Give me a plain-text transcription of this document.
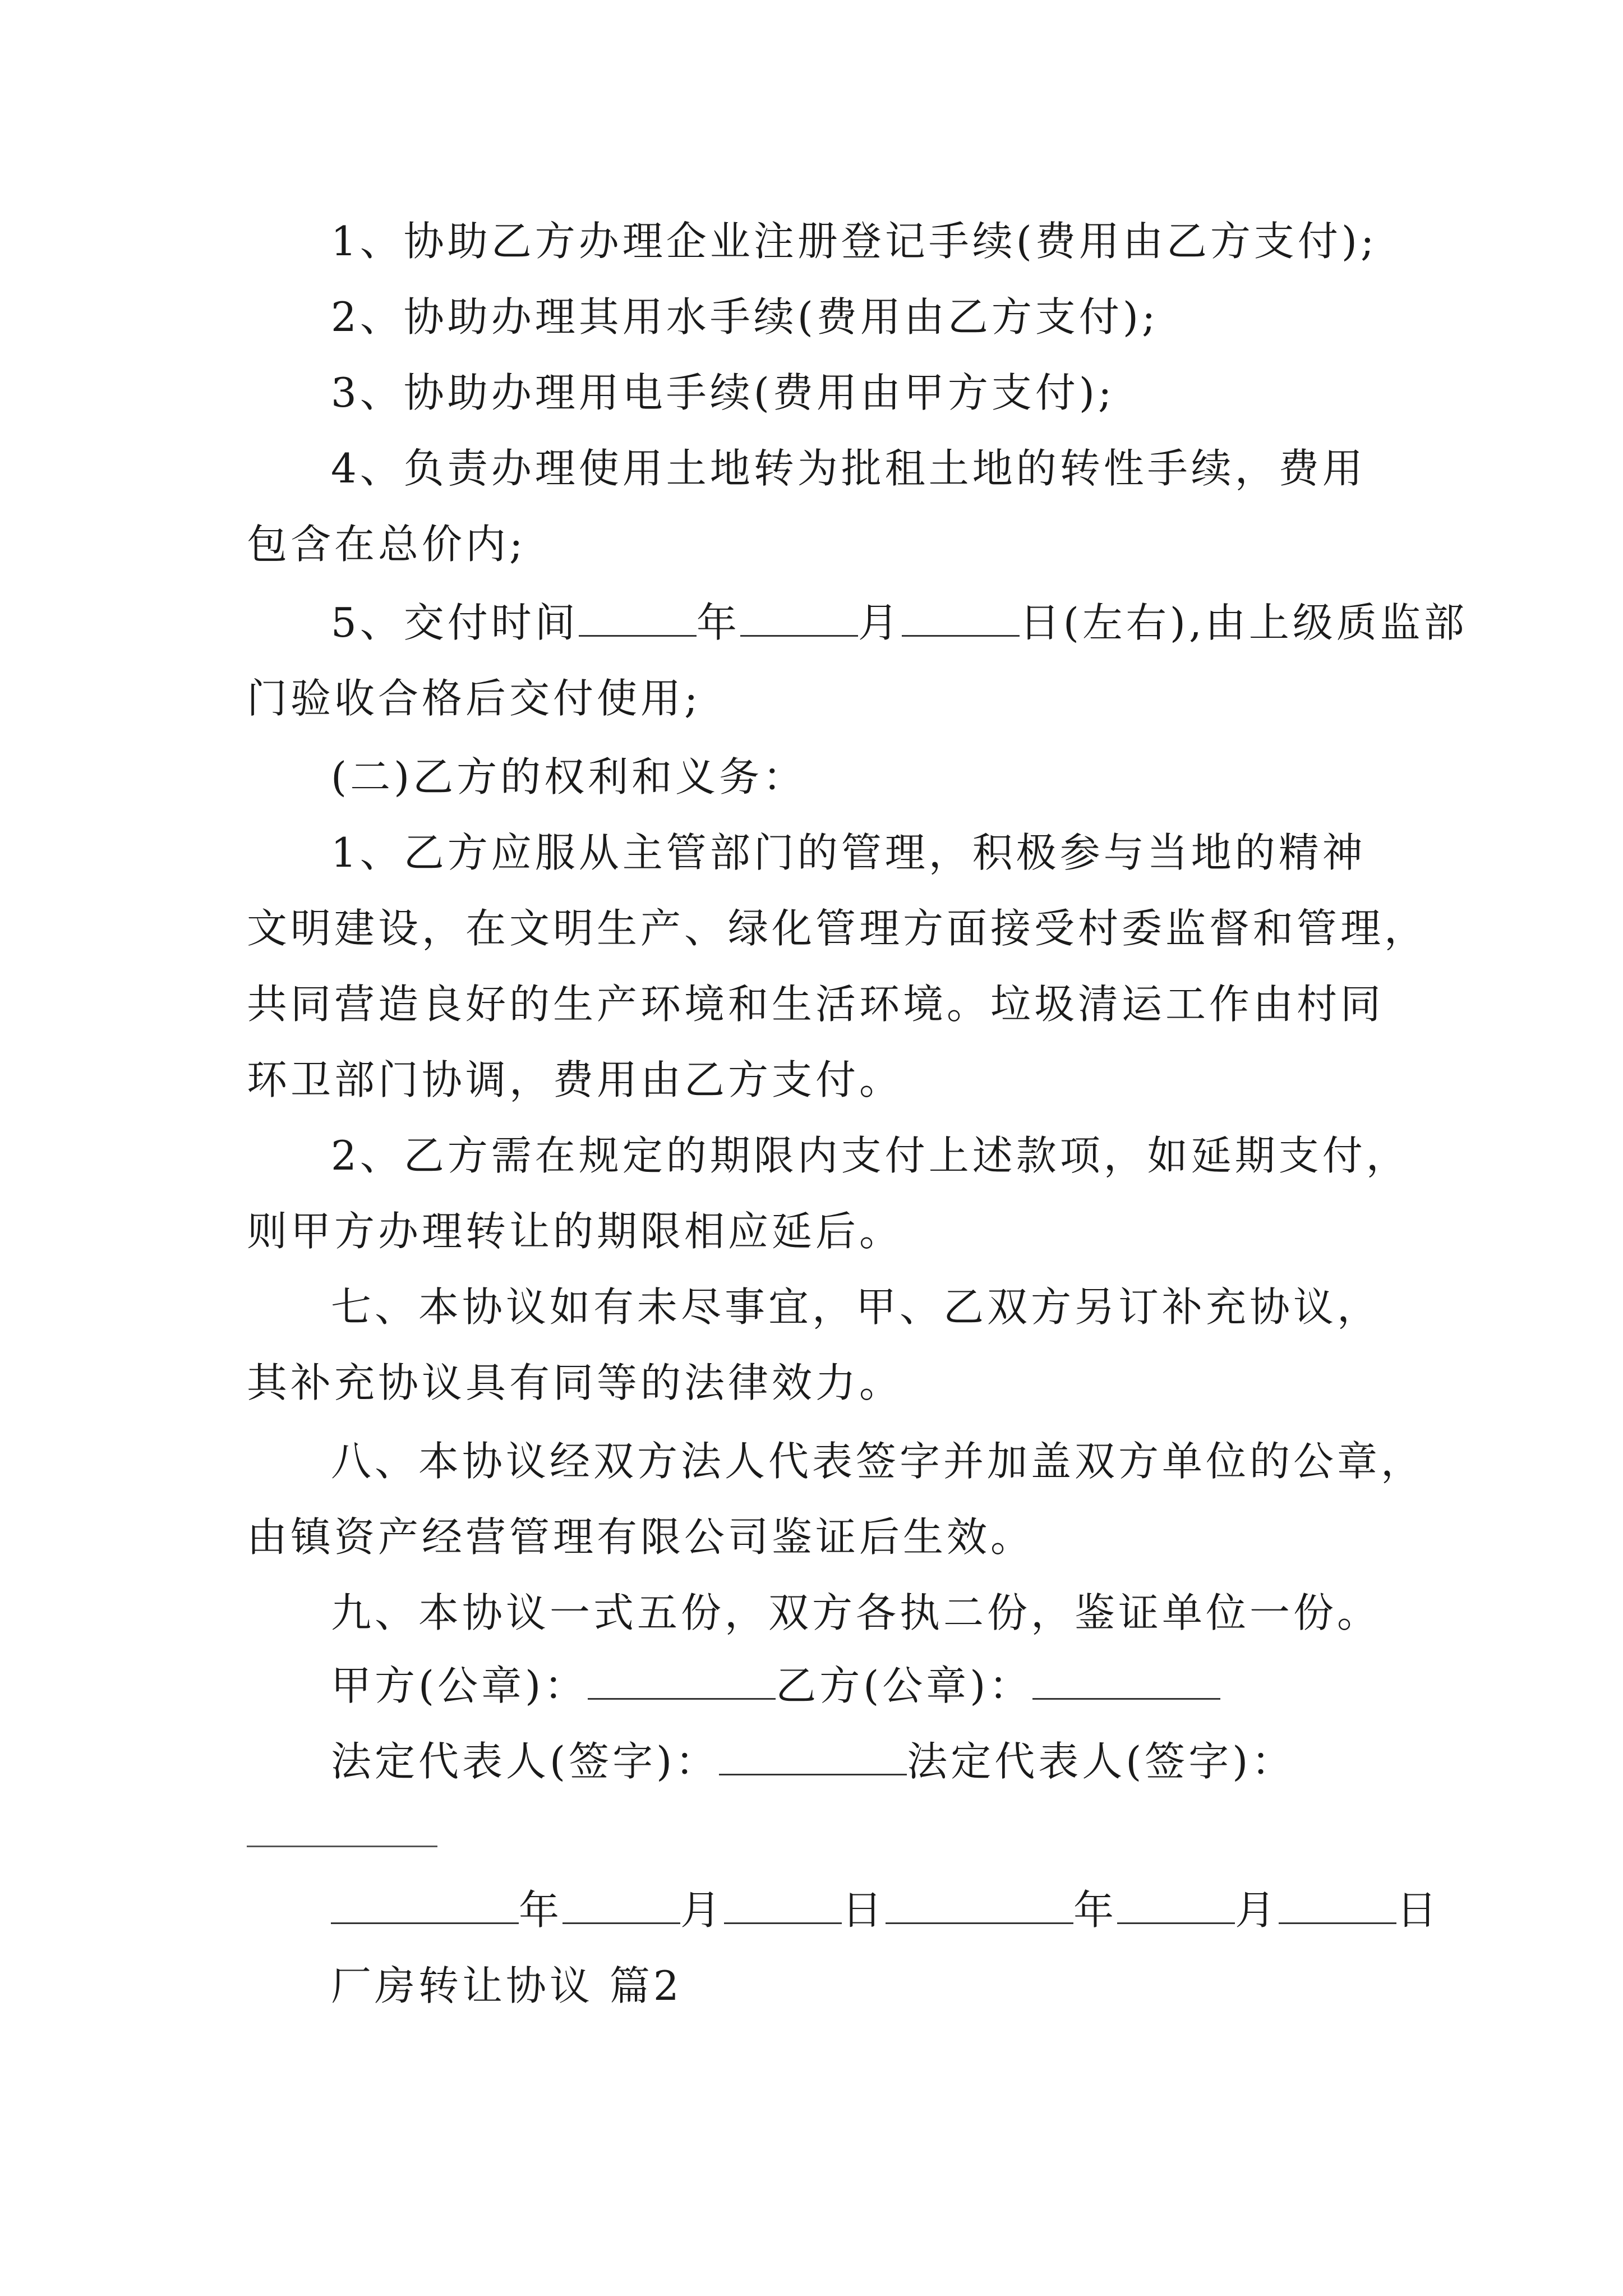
1、协助乙方办理企业注册登记手续(费用由乙方支付);
2、协助办理其用水手续(费用由乙方支付);
3、协助办理用电手续(费用由甲方支付);
4、负责办理使用土地转为批租土地的转性手续，费用
包含在总价内;
5、交付时间	年	月	日(左右),由上级质监部
门验收合格后交付使用;
(二)乙方的权利和义务：
1、乙方应服从主管部门的管理，积极参与当地的精神
文明建设，在文明生产、绿化管理方面接受村委监督和管理，
共同营造良好的生产环境和生活环境。垃圾清运工作由村同
环卫部门协调，费用由乙方支付。
2、乙方需在规定的期限内支付上述款项，如延期支付，
则甲方办理转让的期限相应延后。
七、本协议如有未尽事宜，甲、乙双方另订补充协议，
其补充协议具有同等的法律效力。
八、本协议经双方法人代表签字并加盖双方单位的公章，
由镇资产经营管理有限公司鉴证后生效。
九、本协议一式五份，双方各执二份，鉴证单位一份。
甲方(公章)：	乙方(公章)：
法定代表人(签字)：	法定代表人(签字)：
年	月	日	年	月	日
厂房转让协议 篇2
